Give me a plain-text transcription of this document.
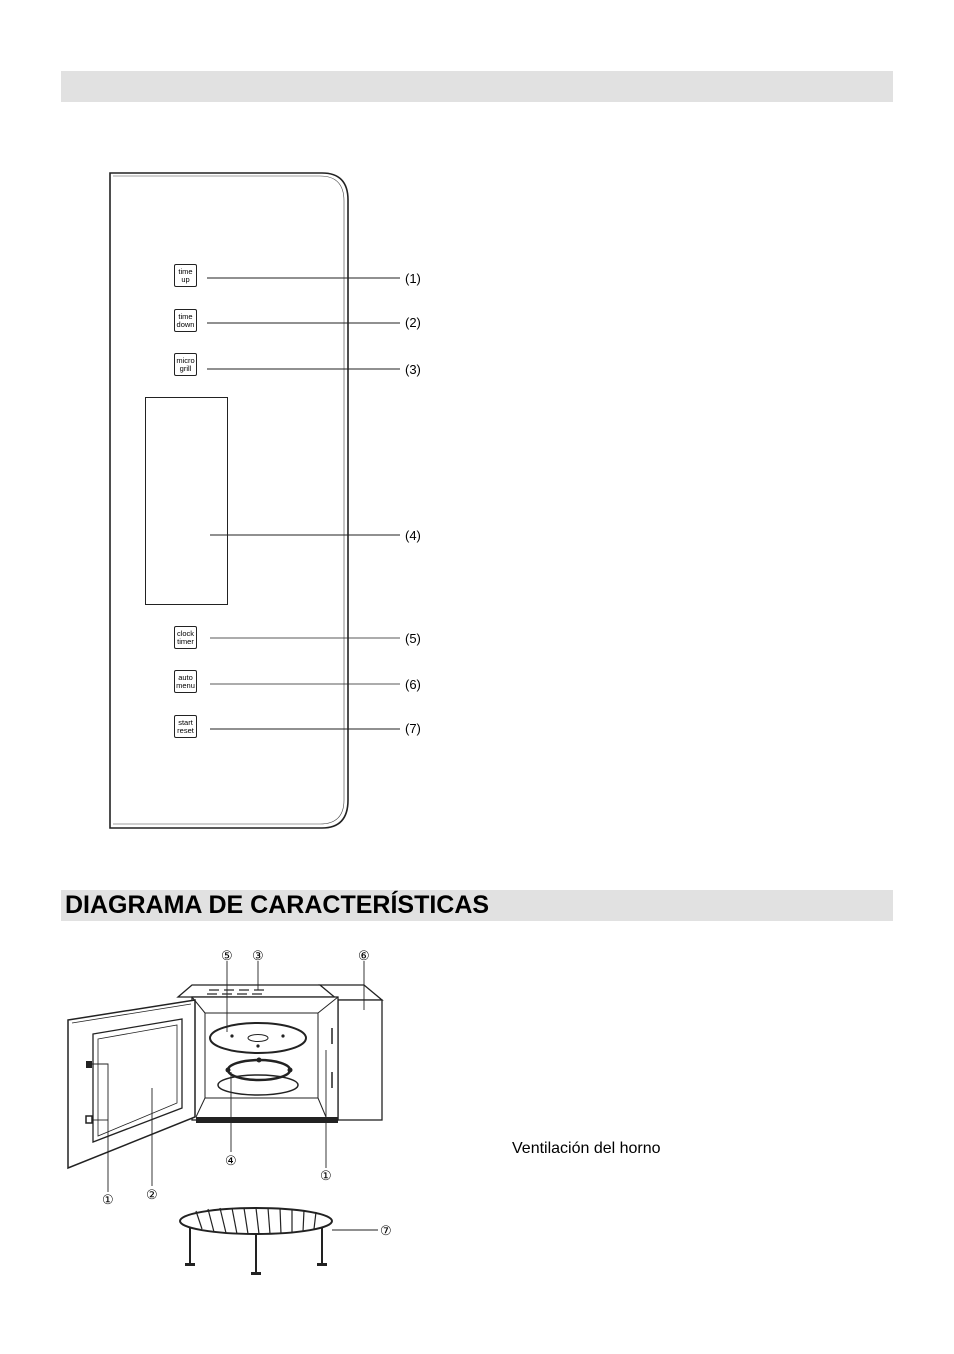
DIAGRAMA DE CARACTERÍSTICAS
time
up
time
down
micro
grill
clock
timer
auto
menu
start
reset
(1)
(2)
(3)
(4)
(5)
(6)
(7)
⑤ ③	⑥
④
① ②
①
⑦
Ventilación del horno
